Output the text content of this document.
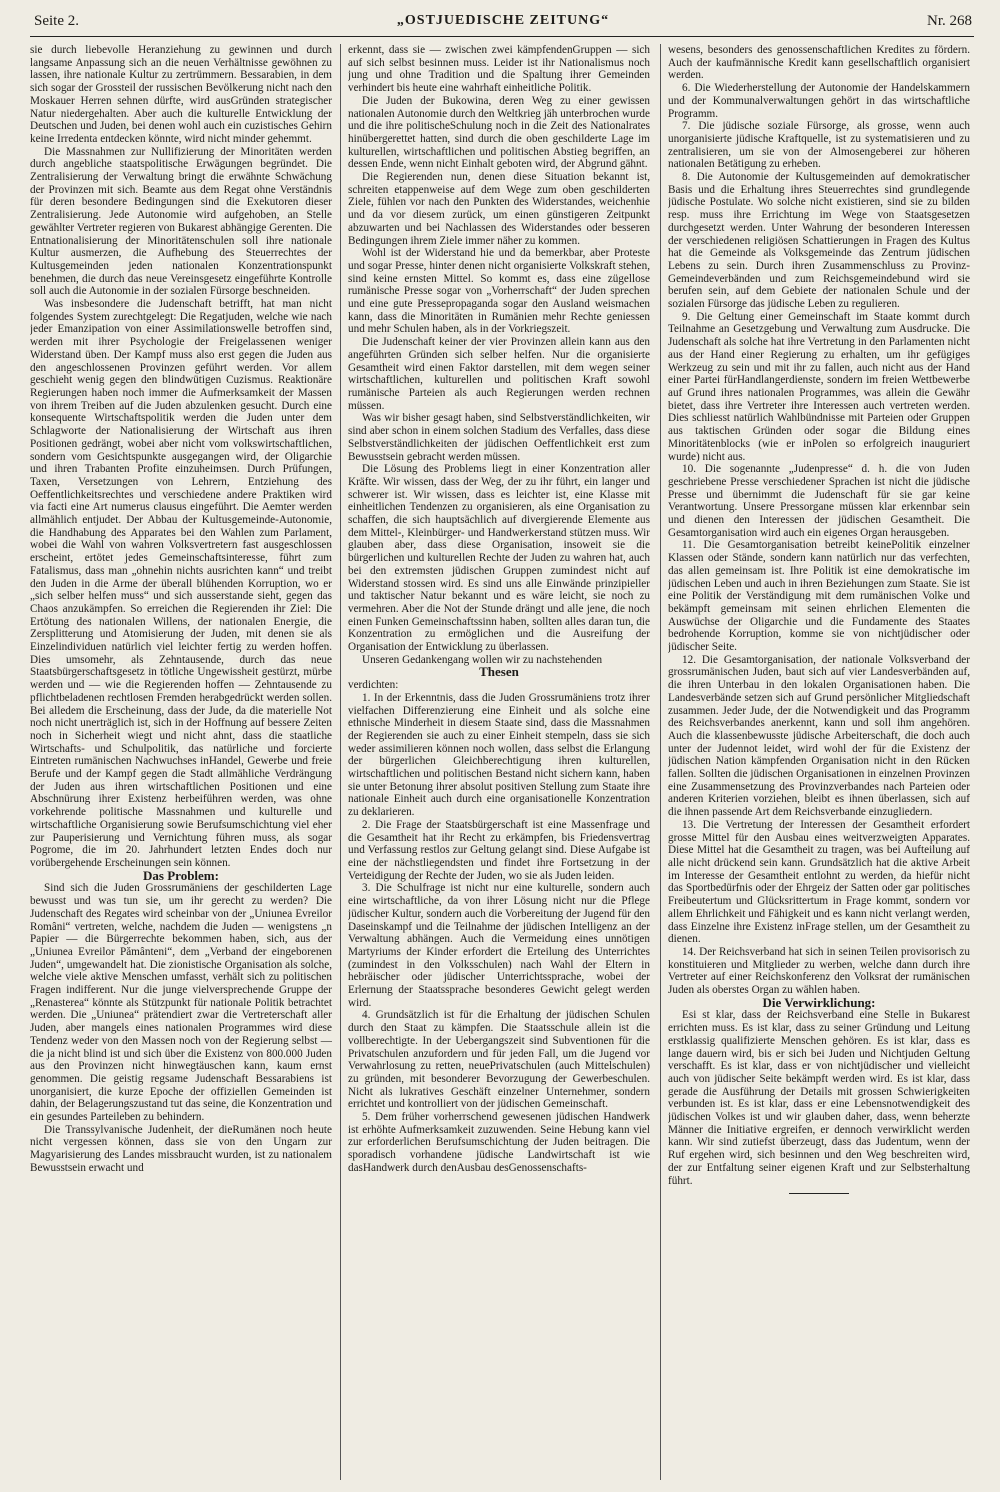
Seite 2.	„OSTJUEDISCHE ZEITUNG“	Nr. 268

sie durch liebevolle Heranziehung zu gewinnen und durch langsame Anpassung sich an die neuen Verhältnisse gewöhnen zu lassen, ihre nationale Kultur zu zertrümmern. Bessarabien, in dem sich sogar der Grossteil der russischen Bevölkerung nicht nach den Moskauer Herren sehnen dürfte, wird ausGründen strategischer Natur niedergehalten. Aber auch die kulturelle Entwicklung der Deutschen und Juden, bei denen wohl auch ein cuzistisches Gehirn keine Irredenta entdecken könnte, wird nicht minder gehemmt.

Die Massnahmen zur Nullifizierung der Minoritäten werden durch angebliche staatspolitische Erwägungen begründet. Die Zentralisierung der Verwaltung bringt die erwähnte Schwächung der Provinzen mit sich. Beamte aus dem Regat ohne Verständnis für deren besondere Bedingungen sind die Exekutoren dieser Zentralisierung. Jede Autonomie wird aufgehoben, an Stelle gewählter Vertreter regieren von Bukarest abhängige Gerenten. Die Entnationalisierung der Minoritätenschulen soll ihre nationale Kultur ausmerzen, die Aufhebung des Steuerrechtes der Kultusgemeinden jeden nationalen Konzentrationspunkt benehmen, die durch das neue Vereinsgesetz eingeführte Kontrolle soll auch die Autonomie in der sozialen Fürsorge beschneiden.

Was insbesondere die Judenschaft betrifft, hat man nicht folgendes System zurechtgelegt: Die Regatjuden, welche wie nach jeder Emanzipation von einer Assimilationswelle betroffen sind, werden mit ihrer Psychologie der Freigelassenen weniger Widerstand üben. Der Kampf muss also erst gegen die Juden aus den angeschlossenen Provinzen geführt werden. Vor allem geschieht wenig gegen den blindwütigen Cuzismus. Reaktionäre Regierungen haben noch immer die Aufmerksamkeit der Massen von ihrem Treiben auf die Juden abzulenken gesucht. Durch eine konsequente Wirtschaftspolitik werden die Juden unter dem Schlagworte der Nationalisierung der Wirtschaft aus ihren Positionen gedrängt, wobei aber nicht vom volkswirtschaftlichen, sondern vom Gesichtspunkte ausgegangen wird, der Oligarchie und ihren Trabanten Profite einzuheimsen. Durch Prüfungen, Taxen, Versetzungen von Lehrern, Entziehung des Oeffentlichkeitsrechtes und verschiedene andere Praktiken wird via facti eine Art numerus clausus eingeführt. Die Aemter werden allmählich entjudet. Der Abbau der Kultusgemeinde-Autonomie, die Handhabung des Apparates bei den Wahlen zum Parlament, wobei die Wahl von wahren Volksvertretern fast ausgeschlossen erscheint, ertötet jedes Gemeinschaftsinteresse, führt zum Fatalismus, dass man „ohnehin nichts ausrichten kann“ und treibt den Juden in die Arme der überall blühenden Korruption, wo er „sich selber helfen muss“ und sich ausserstande sieht, gegen das Chaos anzukämpfen. So erreichen die Regierenden ihr Ziel: Die Ertötung des nationalen Willens, der nationalen Energie, die Zersplitterung und Atomisierung der Juden, mit denen sie als Einzelindividuen natürlich viel leichter fertig zu werden hoffen. Dies umsomehr, als Zehntausende, durch das neue Staatsbürgerschaftsgesetz in tötliche Ungewissheit gestürzt, mürbe werden und — wie die Regierenden hoffen — Zehntausende zu pflichtbeladenen rechtlosen Fremden herabgedrückt werden sollen. Bei alledem die Erscheinung, dass der Jude, da die materielle Not noch nicht unerträglich ist, sich in der Hoffnung auf bessere Zeiten noch in Sicherheit wiegt und nicht ahnt, dass die staatliche Wirtschafts- und Schulpolitik, das natürliche und forcierte Eintreten rumänischen Nachwuchses inHandel, Gewerbe und freie Berufe und der Kampf gegen die Stadt allmähliche Verdrängung der Juden aus ihren wirtschaftlichen Positionen und eine Abschnürung ihrer Existenz herbeiführen werden, was ohne vorkehrende politische Massnahmen und kulturelle und wirtschaftliche Organisierung sowie Berufsumschichtung viel eher zur Pauperisierung und Vernichtung führen muss, als sogar Pogrome, die im 20. Jahrhundert letzten Endes doch nur vorübergehende Erscheinungen sein können.

Das Problem:

Sind sich die Juden Grossrumäniens der geschilderten Lage bewusst und was tun sie, um ihr gerecht zu werden? Die Judenschaft des Regates wird scheinbar von der „Uniunea Evreilor Români“ vertreten, welche, nachdem die Juden — wenigstens „n Papier — die Bürgerrechte bekommen haben, sich, aus der „Uniunea Evreilor Pământeni“, dem „Verband der eingeborenen Juden“, umgewandelt hat. Die zionistische Organisation als solche, welche viele aktive Menschen umfasst, verhält sich zu politischen Fragen indifferent. Nur die junge vielversprechende Gruppe der „Renasterea“ könnte als Stützpunkt für nationale Politik betrachtet werden. Die „Uniunea“ prätendiert zwar die Vertreterschaft aller Juden, aber mangels eines nationalen Programmes wird diese Tendenz weder von den Massen noch von der Regierung selbst — die ja nicht blind ist und sich über die Existenz von 800.000 Juden aus den Provinzen nicht hinwegtäuschen kann, kaum ernst genommen. Die geistig regsame Judenschaft Bessarabiens ist unorganisiert, die kurze Epoche der offiziellen Gemeinden ist dahin, der Belagerungszustand tut das seine, die Konzentration und ein gesundes Parteileben zu behindern.

Die Transsylvanische Judenheit, der dieRumänen noch heute nicht vergessen können, dass sie von den Ungarn zur Magyarisierung des Landes missbraucht wurden, ist zu nationalem Bewusstsein erwacht und

erkennt, dass sie — zwischen zwei kämpfendenGruppen — sich auf sich selbst besinnen muss. Leider ist ihr Nationalismus noch jung und ohne Tradition und die Spaltung ihrer Gemeinden verhindert bis heute eine wahrhaft einheitliche Politik.

Die Juden der Bukowina, deren Weg zu einer gewissen nationalen Autonomie durch den Weltkrieg jäh unterbrochen wurde und die ihre politischeSchulung noch in die Zeit des Nationalrates hinübergerettet hatten, sind durch die oben geschilderte Lage im kulturellen, wirtschaftlichen und politischen Abstieg begriffen, an dessen Ende, wenn nicht Einhalt geboten wird, der Abgrund gähnt.

Die Regierenden nun, denen diese Situation bekannt ist, schreiten etappenweise auf dem Wege zum oben geschilderten Ziele, fühlen vor nach den Punkten des Widerstandes, weichenhie und da vor diesem zurück, um einen günstigeren Zeitpunkt abzuwarten und bei Nachlassen des Widerstandes oder besseren Bedingungen ihrem Ziele immer näher zu kommen.

Wohl ist der Widerstand hie und da bemerkbar, aber Proteste und sogar Presse, hinter denen nicht organisierte Volkskraft stehen, sind keine ernsten Mittel. So kommt es, dass eine zügellose rumänische Presse sogar von „Vorherrschaft“ der Juden sprechen und eine gute Pressepropaganda sogar den Ausland weismachen kann, dass die Minoritäten in Rumänien mehr Rechte geniessen und mehr Schulen haben, als in der Vorkriegszeit.

Die Judenschaft keiner der vier Provinzen allein kann aus den angeführten Gründen sich selber helfen. Nur die organisierte Gesamtheit wird einen Faktor darstellen, mit dem wegen seiner wirtschaftlichen, kulturellen und politischen Kraft sowohl rumänische Parteien als auch Regierungen werden rechnen müssen.

Was wir bisher gesagt haben, sind Selbstverständlichkeiten, wir sind aber schon in einem solchen Stadium des Verfalles, dass diese Selbstverständlichkeiten der jüdischen Oeffentlichkeit erst zum Bewusstsein gebracht werden müssen.

Die Lösung des Problems liegt in einer Konzentration aller Kräfte. Wir wissen, dass der Weg, der zu ihr führt, ein langer und schwerer ist. Wir wissen, dass es leichter ist, eine Klasse mit einheitlichen Tendenzen zu organisieren, als eine Organisation zu schaffen, die sich hauptsächlich auf divergierende Elemente aus dem Mittel-, Kleinbürger- und Handwerkerstand stützen muss. Wir glauben aber, dass diese Organisation, insoweit sie die bürgerlichen und kulturellen Rechte der Juden zu wahren hat, auch bei den extremsten jüdischen Gruppen zumindest nicht auf Widerstand stossen wird. Es sind uns alle Einwände prinzipieller und taktischer Natur bekannt und es wäre leicht, sie noch zu vermehren. Aber die Not der Stunde drängt und alle jene, die noch einen Funken Gemeinschaftssinn haben, sollten alles daran tun, die Konzentration zu ermöglichen und die Ausreifung der Organisation der Entwicklung zu überlassen.

Unseren Gedankengang wollen wir zu nachstehenden

Thesen

verdichten:

1. In der Erkenntnis, dass die Juden Grossrumäniens trotz ihrer vielfachen Differenzierung eine Einheit und als solche eine ethnische Minderheit in diesem Staate sind, dass die Massnahmen der Regierenden sie auch zu einer Einheit stempeln, dass sie sich weder assimilieren können noch wollen, dass selbst die Erlangung der bürgerlichen Gleichberechtigung ihren kulturellen, wirtschaftlichen und politischen Bestand nicht sichern kann, haben sie unter Betonung ihrer absolut positiven Stellung zum Staate ihre nationale Einheit auch durch eine organisationelle Konzentration zu deklarieren.

2. Die Frage der Staatsbürgerschaft ist eine Massenfrage und die Gesamtheit hat ihr Recht zu erkämpfen, bis Friedensvertrag und Verfassung restlos zur Geltung gelangt sind. Diese Aufgabe ist eine der nächstliegendsten und findet ihre Fortsetzung in der Verteidigung der Rechte der Juden, wo sie als Juden leiden.

3. Die Schulfrage ist nicht nur eine kulturelle, sondern auch eine wirtschaftliche, da von ihrer Lösung nicht nur die Pflege jüdischer Kultur, sondern auch die Vorbereitung der Jugend für den Daseinskampf und die Teilnahme der jüdischen Intelligenz an der Verwaltung abhängen. Auch die Vermeidung eines unnötigen Martyriums der Kinder erfordert die Erteilung des Unterrichtes (zumindest in den Volksschulen) nach Wahl der Eltern in hebräischer oder jüdischer Unterrichtssprache, wobei der Erlernung der Staatssprache besonderes Gewicht gelegt werden wird.

4. Grundsätzlich ist für die Erhaltung der jüdischen Schulen durch den Staat zu kämpfen. Die Staatsschule allein ist die vollberechtigte. In der Uebergangszeit sind Subventionen für die Privatschulen anzufordern und für jeden Fall, um die Jugend vor Verwahrlosung zu retten, neuePrivatschulen (auch Mittelschulen) zu gründen, mit besonderer Bevorzugung der Gewerbeschulen. Nicht als lukratives Geschäft einzelner Unternehmer, sondern errichtet und kontrolliert von der jüdischen Gemeinschaft.

5. Dem früher vorherrschend gewesenen jüdischen Handwerk ist erhöhte Aufmerksamkeit zuzuwenden. Seine Hebung kann viel zur erforderlichen Berufsumschichtung der Juden beitragen. Die sporadisch vorhandene jüdische Landwirtschaft ist wie dasHandwerk durch denAusbau desGenossenschafts-

wesens, besonders des genossenschaftlichen Kredites zu fördern. Auch der kaufmännische Kredit kann gesellschaftlich organisiert werden.

6. Die Wiederherstellung der Autonomie der Handelskammern und der Kommunalverwaltungen gehört in das wirtschaftliche Programm.

7. Die jüdische soziale Fürsorge, als grosse, wenn auch unorganisierte jüdische Kraftquelle, ist zu systematisieren und zu zentralisieren, um sie von der Almosengeberei zur höheren nationalen Betätigung zu erheben.

8. Die Autonomie der Kultusgemeinden auf demokratischer Basis und die Erhaltung ihres Steuerrechtes sind grundlegende jüdische Postulate. Wo solche nicht existieren, sind sie zu bilden resp. muss ihre Errichtung im Wege von Staatsgesetzen durchgesetzt werden. Unter Wahrung der besonderen Interessen der verschiedenen religiösen Schattierungen in Fragen des Kultus hat die Gemeinde als Volksgemeinde das Zentrum jüdischen Lebens zu sein. Durch ihren Zusammenschluss zu Provinz-Gemeindeverbänden und zum Reichsgemeindebund wird sie berufen sein, auf dem Gebiete der nationalen Schule und der sozialen Fürsorge das jüdische Leben zu regulieren.

9. Die Geltung einer Gemeinschaft im Staate kommt durch Teilnahme an Gesetzgebung und Verwaltung zum Ausdrucke. Die Judenschaft als solche hat ihre Vertretung in den Parlamenten nicht aus der Hand einer Regierung zu erhalten, um ihr gefügiges Werkzeug zu sein und mit ihr zu fallen, auch nicht aus der Hand einer Partei fürHandlangerdienste, sondern im freien Wettbewerbe auf Grund ihres nationalen Programmes, was allein die Gewähr bietet, dass ihre Vertreter ihre Interessen auch vertreten werden. Dies schliesst natürlich Wahlbündnisse mit Parteien oder Gruppen aus taktischen Gründen oder sogar die Bildung eines Minoritätenblocks (wie er inPolen so erfolgreich inauguriert wurde) nicht aus.

10. Die sogenannte „Judenpresse“ d. h. die von Juden geschriebene Presse verschiedener Sprachen ist nicht die jüdische Presse und übernimmt die Judenschaft für sie gar keine Verantwortung. Unsere Pressorgane müssen klar erkennbar sein und dienen den Interessen der jüdischen Gesamtheit. Die Gesamtorganisation wird auch ein eigenes Organ herausgeben.

11. Die Gesamtorganisation betreibt keinePolitik einzelner Klassen oder Stände, sondern kann natürlich nur das verfechten, das allen gemeinsam ist. Ihre Politik ist eine demokratische im jüdischen Leben und auch in ihren Beziehungen zum Staate. Sie ist eine Politik der Verständigung mit dem rumänischen Volke und bekämpft gemeinsam mit seinen ehrlichen Elementen die Auswüchse der Oligarchie und die Fundamente des Staates bedrohende Korruption, komme sie von nichtjüdischer oder jüdischer Seite.

12. Die Gesamtorganisation, der nationale Volksverband der grossrumänischen Juden, baut sich auf vier Landesverbänden auf, die ihren Unterbau in den lokalen Organisationen haben. Die Landesverbände setzen sich auf Grund persönlicher Mitgliedschaft zusammen. Jeder Jude, der die Notwendigkeit und das Programm des Reichsverbandes anerkennt, kann und soll ihm angehören. Auch die klassenbewusste jüdische Arbeiterschaft, die doch auch unter der Judennot leidet, wird wohl der für die Existenz der jüdischen Nation kämpfenden Organisation nicht in den Rücken fallen. Sollten die jüdischen Organisationen in einzelnen Provinzen eine Zusammensetzung des Provinzverbandes nach Parteien oder anderen Kriterien vorziehen, bleibt es ihnen überlassen, sich auf die ihnen passende Art dem Reichsverbande einzugliedern.

13. Die Vertretung der Interessen der Gesamtheit erfordert grosse Mittel für den Ausbau eines weitverzweigten Apparates. Diese Mittel hat die Gesamtheit zu tragen, was bei Aufteilung auf alle nicht drückend sein kann. Grundsätzlich hat die aktive Arbeit im Interesse der Gesamtheit entlohnt zu werden, da hiefür nicht das Sportbedürfnis oder der Ehrgeiz der Satten oder gar politisches Freibeutertum und Glücksrittertum in Frage kommt, sondern vor allem Ehrlichkeit und Fähigkeit und es kann nicht verlangt werden, dass Einzelne ihre Existenz inFrage stellen, um der Gesamtheit zu dienen.

14. Der Reichsverband hat sich in seinen Teilen provisorisch zu konstituieren und Mitglieder zu werben, welche dann durch ihre Vertreter auf einer Reichskonferenz den Volksrat der rumänischen Juden als oberstes Organ zu wählen haben.

Die Verwirklichung:

Esi st klar, dass der Reichsverband eine Stelle in Bukarest errichten muss. Es ist klar, dass zu seiner Gründung und Leitung erstklassig qualifizierte Menschen gehören. Es ist klar, dass es lange dauern wird, bis er sich bei Juden und Nichtjuden Geltung verschafft. Es ist klar, dass er von nichtjüdischer und vielleicht auch von jüdischer Seite bekämpft werden wird. Es ist klar, dass gerade die Ausführung der Details mit grossen Schwierigkeiten verbunden ist. Es ist klar, dass er eine Lebensnotwendigkeit des jüdischen Volkes ist und wir glauben daher, dass, wenn beherzte Männer die Initiative ergreifen, er dennoch verwirklicht werden kann. Wir sind zutiefst überzeugt, dass das Judentum, wenn der Ruf ergehen wird, sich besinnen und den Weg beschreiten wird, der zur Entfaltung seiner eigenen Kraft und zur Selbsterhaltung führt.
